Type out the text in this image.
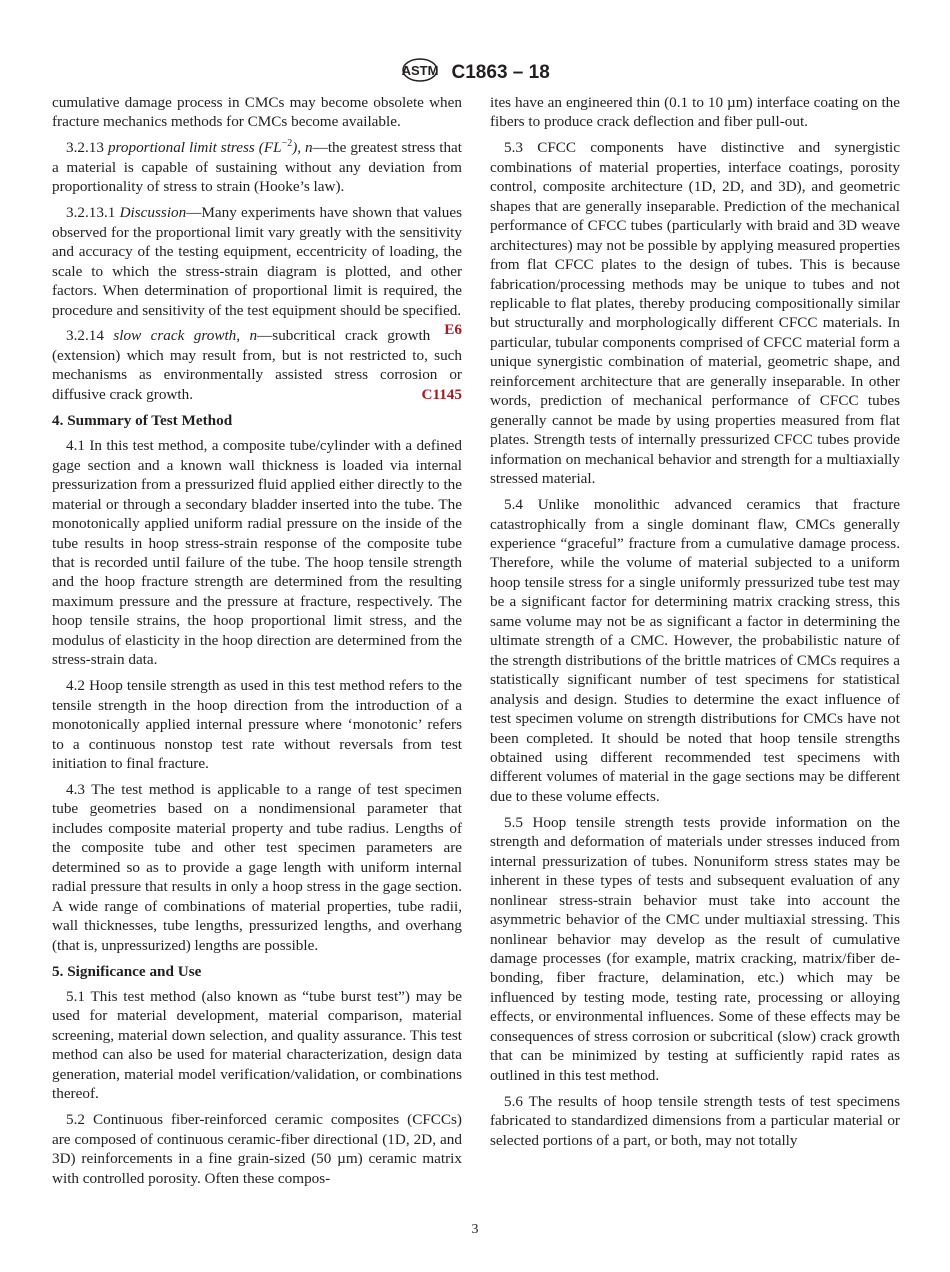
ASTM C1863 – 18

cumulative damage process in CMCs may become obsolete when fracture mechanics methods for CMCs become available.

3.2.13 proportional limit stress $(FL^{-2})$, n—the greatest stress that a material is capable of sustaining without any deviation from proportionality of stress to strain (Hooke’s law).

3.2.13.1 Discussion—Many experiments have shown that values observed for the proportional limit vary greatly with the sensitivity and accuracy of the testing equipment, eccentricity of loading, the scale to which the stress-strain diagram is plotted, and other factors. When determination of proportional limit is required, the procedure and sensitivity of the test equipment should be specified.
E6

3.2.14 slow crack growth, n—subcritical crack growth (extension) which may result from, but is not restricted to, such mechanisms as environmentally assisted stress corrosion or diffusive crack growth.	C1145

4. Summary of Test Method

4.1 In this test method, a composite tube/cylinder with a defined gage section and a known wall thickness is loaded via internal pressurization from a pressurized fluid applied either directly to the material or through a secondary bladder inserted into the tube. The monotonically applied uniform radial pressure on the inside of the tube results in hoop stress-strain response of the composite tube that is recorded until failure of the tube. The hoop tensile strength and the hoop fracture strength are determined from the resulting maximum pressure and the pressure at fracture, respectively. The hoop tensile strains, the hoop proportional limit stress, and the modulus of elasticity in the hoop direction are determined from the stress-strain data.

4.2 Hoop tensile strength as used in this test method refers to the tensile strength in the hoop direction from the introduction of a monotonically applied internal pressure where ‘monotonic’ refers to a continuous nonstop test rate without reversals from test initiation to final fracture.

4.3 The test method is applicable to a range of test specimen tube geometries based on a nondimensional parameter that includes composite material property and tube radius. Lengths of the composite tube and other test specimen parameters are determined so as to provide a gage length with uniform internal radial pressure that results in only a hoop stress in the gage section. A wide range of combinations of material properties, tube radii, wall thicknesses, tube lengths, pressurized lengths, and overhang (that is, unpressurized) lengths are possible.

5. Significance and Use

5.1 This test method (also known as “tube burst test”) may be used for material development, material comparison, material screening, material down selection, and quality assurance. This test method can also be used for material characterization, design data generation, material model verification/validation, or combinations thereof.

5.2 Continuous fiber-reinforced ceramic composites (CFCCs) are composed of continuous ceramic-fiber directional (1D, 2D, and 3D) reinforcements in a fine grain-sized (50 µm) ceramic matrix with controlled porosity. Often these compos-

ites have an engineered thin (0.1 to 10 µm) interface coating on the fibers to produce crack deflection and fiber pull-out.

5.3 CFCC components have distinctive and synergistic combinations of material properties, interface coatings, porosity control, composite architecture (1D, 2D, and 3D), and geometric shapes that are generally inseparable. Prediction of the mechanical performance of CFCC tubes (particularly with braid and 3D weave architectures) may not be possible by applying measured properties from flat CFCC plates to the design of tubes. This is because fabrication/processing methods may be unique to tubes and not replicable to flat plates, thereby producing compositionally similar but structurally and morphologically different CFCC materials. In particular, tubular components comprised of CFCC material form a unique synergistic combination of material, geometric shape, and reinforcement architecture that are generally inseparable. In other words, prediction of mechanical performance of CFCC tubes generally cannot be made by using properties measured from flat plates. Strength tests of internally pressurized CFCC tubes provide information on mechanical behavior and strength for a multiaxially stressed material.

5.4 Unlike monolithic advanced ceramics that fracture catastrophically from a single dominant flaw, CMCs generally experience “graceful” fracture from a cumulative damage process. Therefore, while the volume of material subjected to a uniform hoop tensile stress for a single uniformly pressurized tube test may be a significant factor for determining matrix cracking stress, this same volume may not be as significant a factor in determining the ultimate strength of a CMC. However, the probabilistic nature of the strength distributions of the brittle matrices of CMCs requires a statistically significant number of test specimens for statistical analysis and design. Studies to determine the exact influence of test specimen volume on strength distributions for CMCs have not been completed. It should be noted that hoop tensile strengths obtained using different recommended test specimens with different volumes of material in the gage sections may be different due to these volume effects.

5.5 Hoop tensile strength tests provide information on the strength and deformation of materials under stresses induced from internal pressurization of tubes. Nonuniform stress states may be inherent in these types of tests and subsequent evaluation of any nonlinear stress-strain behavior must take into account the asymmetric behavior of the CMC under multiaxial stressing. This nonlinear behavior may develop as the result of cumulative damage processes (for example, matrix cracking, matrix/fiber de-bonding, fiber fracture, delamination, etc.) which may be influenced by testing mode, testing rate, processing or alloying effects, or environmental influences. Some of these effects may be consequences of stress corrosion or subcritical (slow) crack growth that can be minimized by testing at sufficiently rapid rates as outlined in this test method.

5.6 The results of hoop tensile strength tests of test specimens fabricated to standardized dimensions from a particular material or selected portions of a part, or both, may not totally

3
